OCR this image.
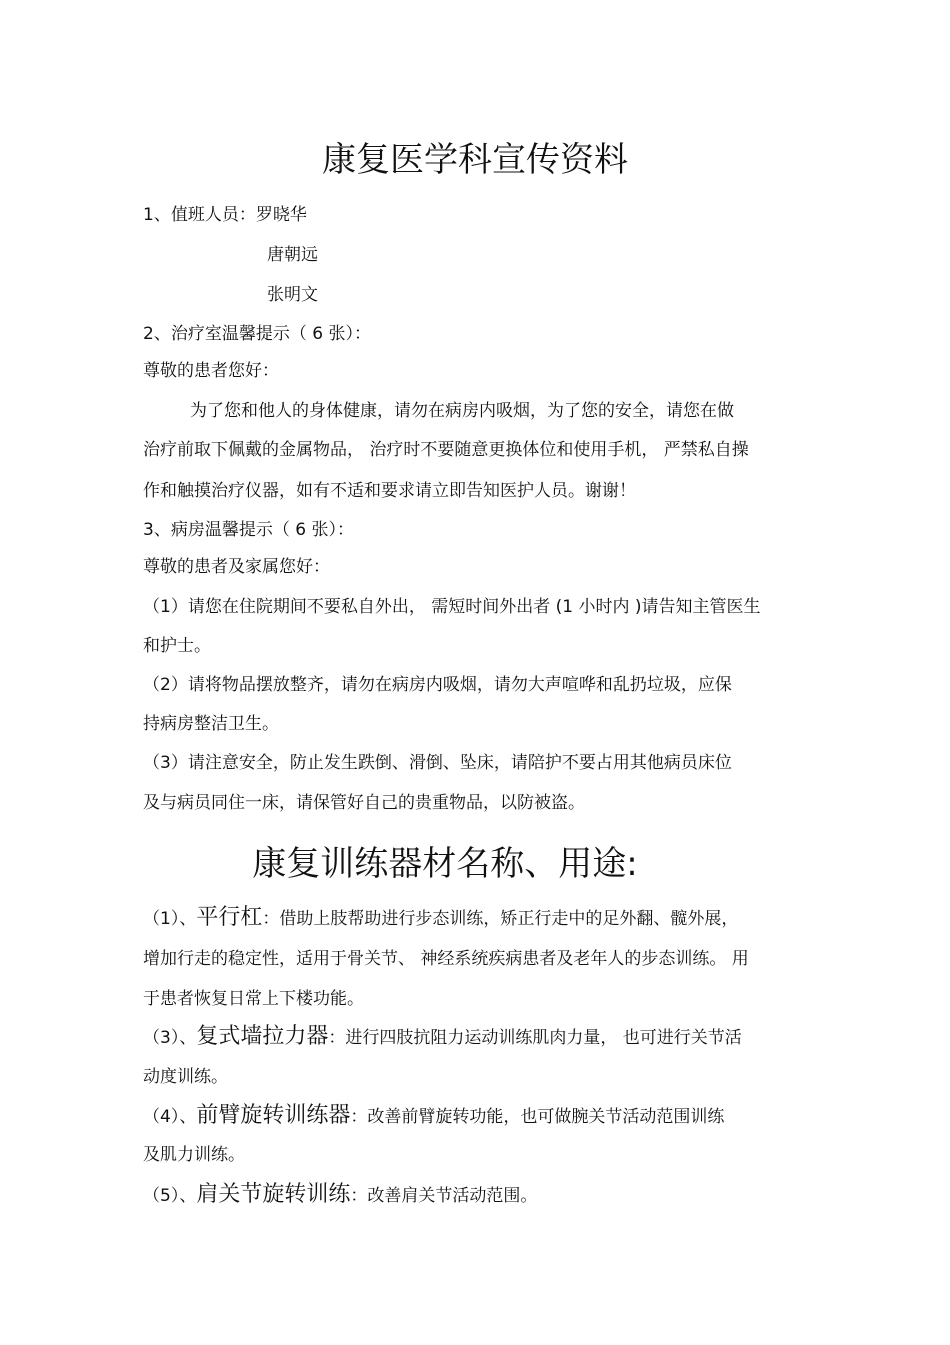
康复医学科宣传资料
1、值班人员：罗晓华
唐朝远
张明文
2、治疗室温馨提示（ 6 张）：
尊敬的患者您好：
为了您和他人的身体健康，请勿在病房内吸烟，为了您的安全，请您在做
治疗前取下佩戴的金属物品， 治疗时不要随意更换体位和使用手机， 严禁私自操
作和触摸治疗仪器，如有不适和要求请立即告知医护人员。谢谢！
3、病房温馨提示（ 6 张）：
尊敬的患者及家属您好：
（1）请您在住院期间不要私自外出， 需短时间外出者 (1 小时内 )请告知主管医生
和护士。
（2）请将物品摆放整齐，请勿在病房内吸烟，请勿大声喧哗和乱扔垃圾，应保
持病房整洁卫生。
（3）请注意安全，防止发生跌倒、滑倒、坠床，请陪护不要占用其他病员床位
及与病员同住一床，请保管好自己的贵重物品，以防被盗。
康复训练器材名称、用途:
（1）、平行杠：借助上肢帮助进行步态训练，矫正行走中的足外翻、髋外展，
增加行走的稳定性，适用于骨关节、 神经系统疾病患者及老年人的步态训练。 用
于患者恢复日常上下楼功能。
（3）、复式墙拉力器：进行四肢抗阻力运动训练肌肉力量， 也可进行关节活
动度训练。
（4）、前臂旋转训练器：改善前臂旋转功能，也可做腕关节活动范围训练
及肌力训练。
（5）、肩关节旋转训练：改善肩关节活动范围。
